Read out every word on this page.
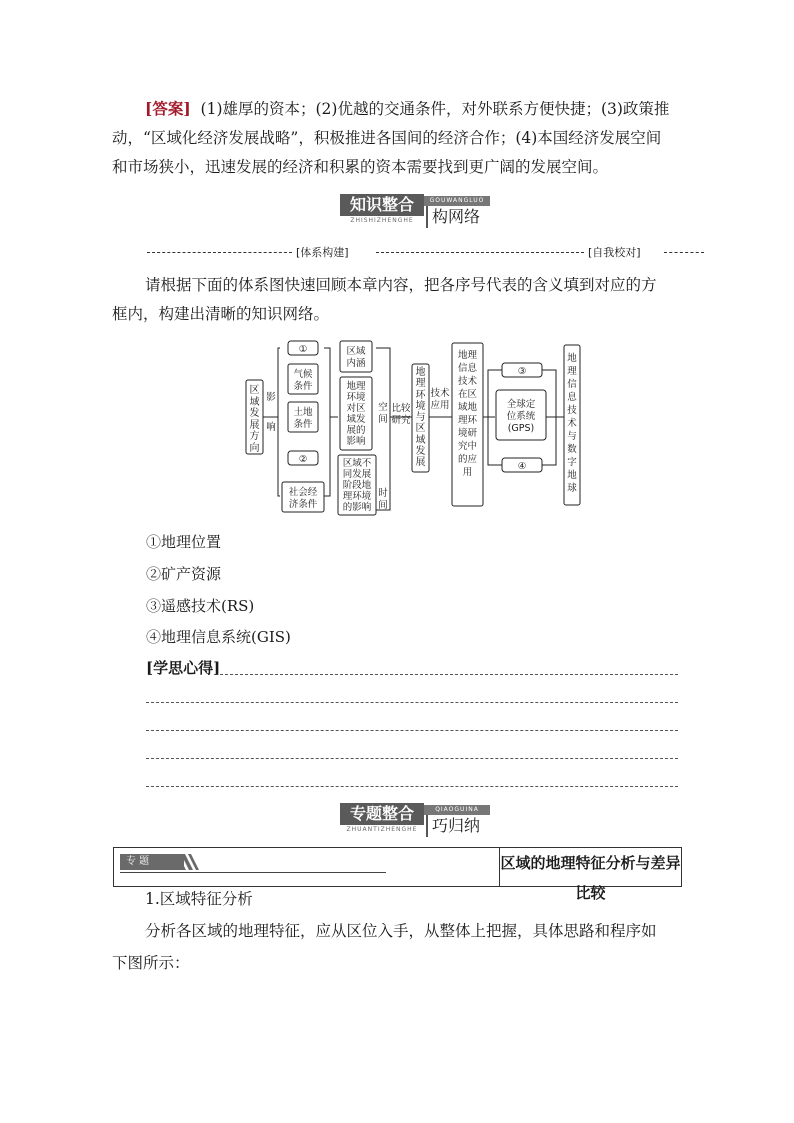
[答案] (1)雄厚的资本；(2)优越的交通条件，对外联系方便快捷；(3)政策推
动，“区域化经济发展战略”，积极推进各国间的经济合作；(4)本国经济发展空间
和市场狭小，迅速发展的经济和积累的资本需要找到更广阔的发展空间。
知识整合
ZHISHIZHENGHE
GOUWANGLUO
构网络
[体系构建]	[自我校对]
请根据下面的体系图快速回顾本章内容，把各序号代表的含义填到对应的方
框内，构建出清晰的知识网络。
影
响
①
气候
条件
土地
条件
②
社会经
济条件
区域
内涵
地理
环境
对区
域发
展的
影响
区域不
同发展
阶段地
理环境
的影响
空
间
时
间
比较
研究
技术
应用
地理
信息
技术
在区
域地
理环
境研
究中
的应
用
③
全球定
位系统
(GPS)
④
地
理
信
息
技
术
与
数
字
地
球
区
域
发
展
方
向
地
理
环
境
与
区
域
发
展
①地理位置
②矿产资源
③遥感技术(RS)
④地理信息系统(GIS)
[学思心得]
专题整合
ZHUANTIZHENGHE
QIAOGUINA
巧归纳
专 题	区域的地理特征分析与差异比较
1.区域特征分析
分析各区域的地理特征，应从区位入手，从整体上把握，具体思路和程序如
下图所示：
